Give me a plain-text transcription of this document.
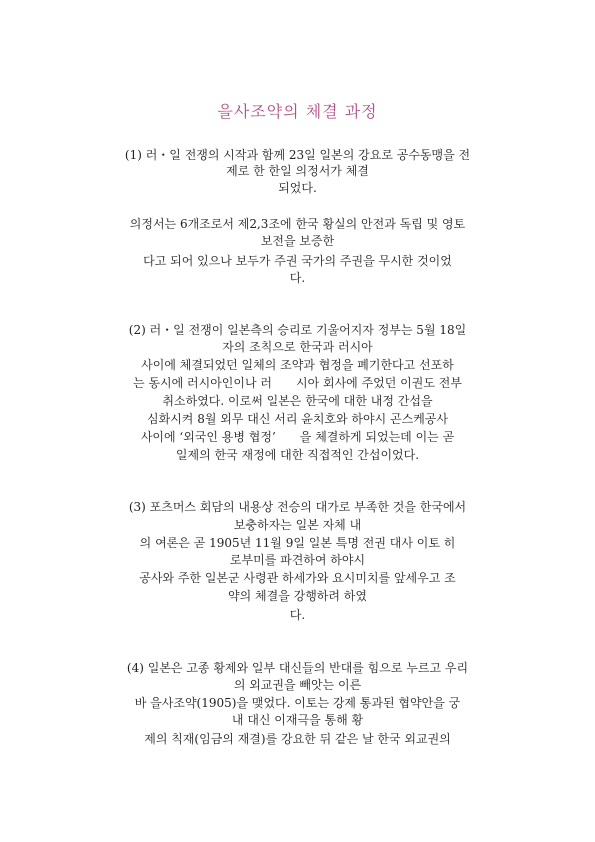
을사조약의 체결 과정
(1) 러・일 전쟁의 시작과 함께 23일 일본의 강요로 공수동맹을 전
제로 한 한일 의정서가 체결
되었다.
의정서는 6개조로서 제2,3조에 한국 황실의 안전과 독립 및 영토
보전을 보증한
다고 되어 있으나 보두가 주권 국가의 주권을 무시한 것이었
다.
(2) 러・일 전쟁이 일본측의 승리로 기울어지자 정부는 5월 18일
자의 조칙으로 한국과 러시아
사이에 체결되었던 일체의 조약과 협정을 폐기한다고 선포하
는 동시에 러시아인이나 러　　시아 회사에 주었던 이권도 전부
취소하였다. 이로써 일본은 한국에 대한 내정 간섭을
심화시켜 8월 외무 대신 서리 윤치호와 하야시 곤스케공사
사이에 ‘외국인 용병 협정’　　을 체결하게 되었는데 이는 곧
일제의 한국 재정에 대한 직접적인 간섭이었다.
(3) 포츠머스 회담의 내용상 전승의 대가로 부족한 것을 한국에서
보충하자는 일본 자체 내
의 여론은 곧 1905년 11월 9일 일본 특명 전권 대사 이토 히
로부미를 파견하여 하야시
공사와 주한 일본군 사령관 하세가와 요시미치를 앞세우고 조
약의 체결을 강행하려 하였
다.
(4) 일본은 고종 황제와 일부 대신들의 반대를 힘으로 누르고 우리
의 외교권을 빼앗는 이른
바 을사조약(1905)을 맺었다. 이토는 강제 통과된 협약안을 궁
내 대신 이재극을 통해 황
제의 칙재(임금의 재결)를 강요한 뒤 같은 날 한국 외교권의
